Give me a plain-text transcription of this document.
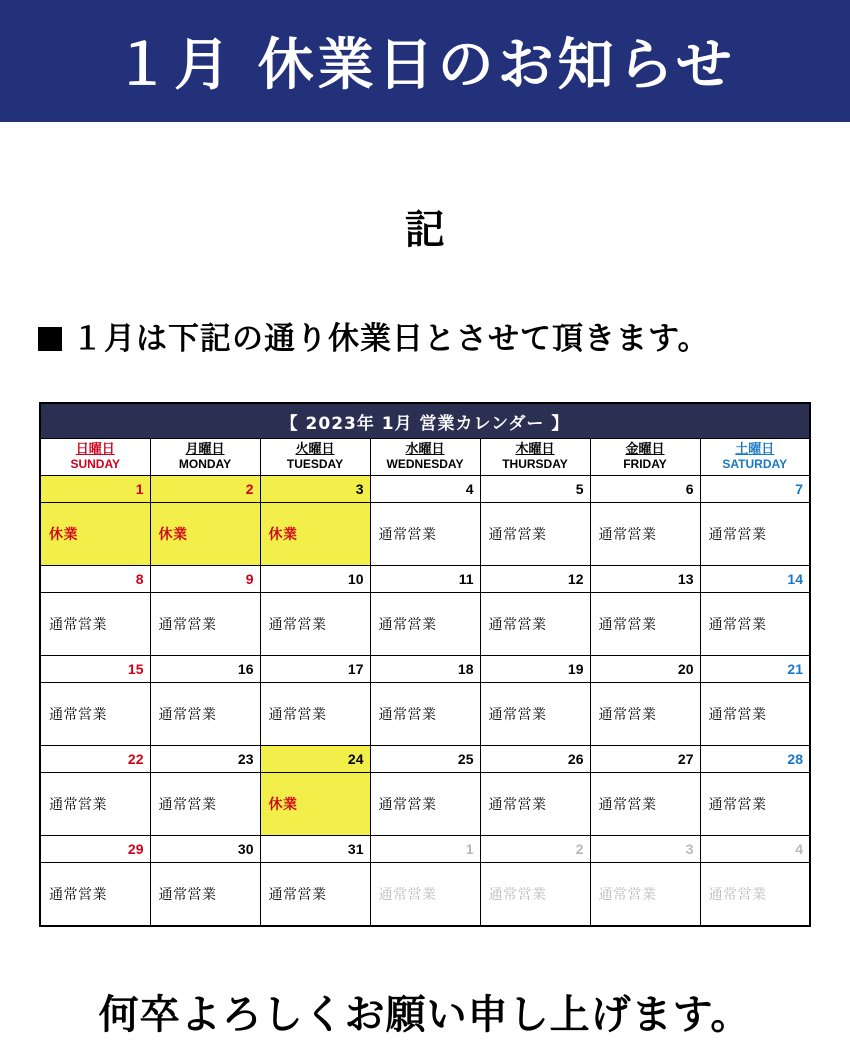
１月 休業日のお知らせ
記
１月は下記の通り休業日とさせて頂きます。
【 2023年 1月 営業カレンダー 】						

日曜日
SUNDAY	月曜日
MONDAY	火曜日
TUESDAY	水曜日
WEDNESDAY	木曜日
THURSDAY	金曜日
FRIDAY	土曜日
SATURDAY

1	2	3	4	5	6	7
休業	休業	休業	通常営業	通常営業	通常営業	通常営業
8	9	10	11	12	13	14
通常営業	通常営業	通常営業	通常営業	通常営業	通常営業	通常営業
15	16	17	18	19	20	21
通常営業	通常営業	通常営業	通常営業	通常営業	通常営業	通常営業
22	23	24	25	26	27	28
通常営業	通常営業	休業	通常営業	通常営業	通常営業	通常営業
29	30	31	1	2	3	4
通常営業	通常営業	通常営業	通常営業	通常営業	通常営業	通常営業
何卒よろしくお願い申し上げます。
